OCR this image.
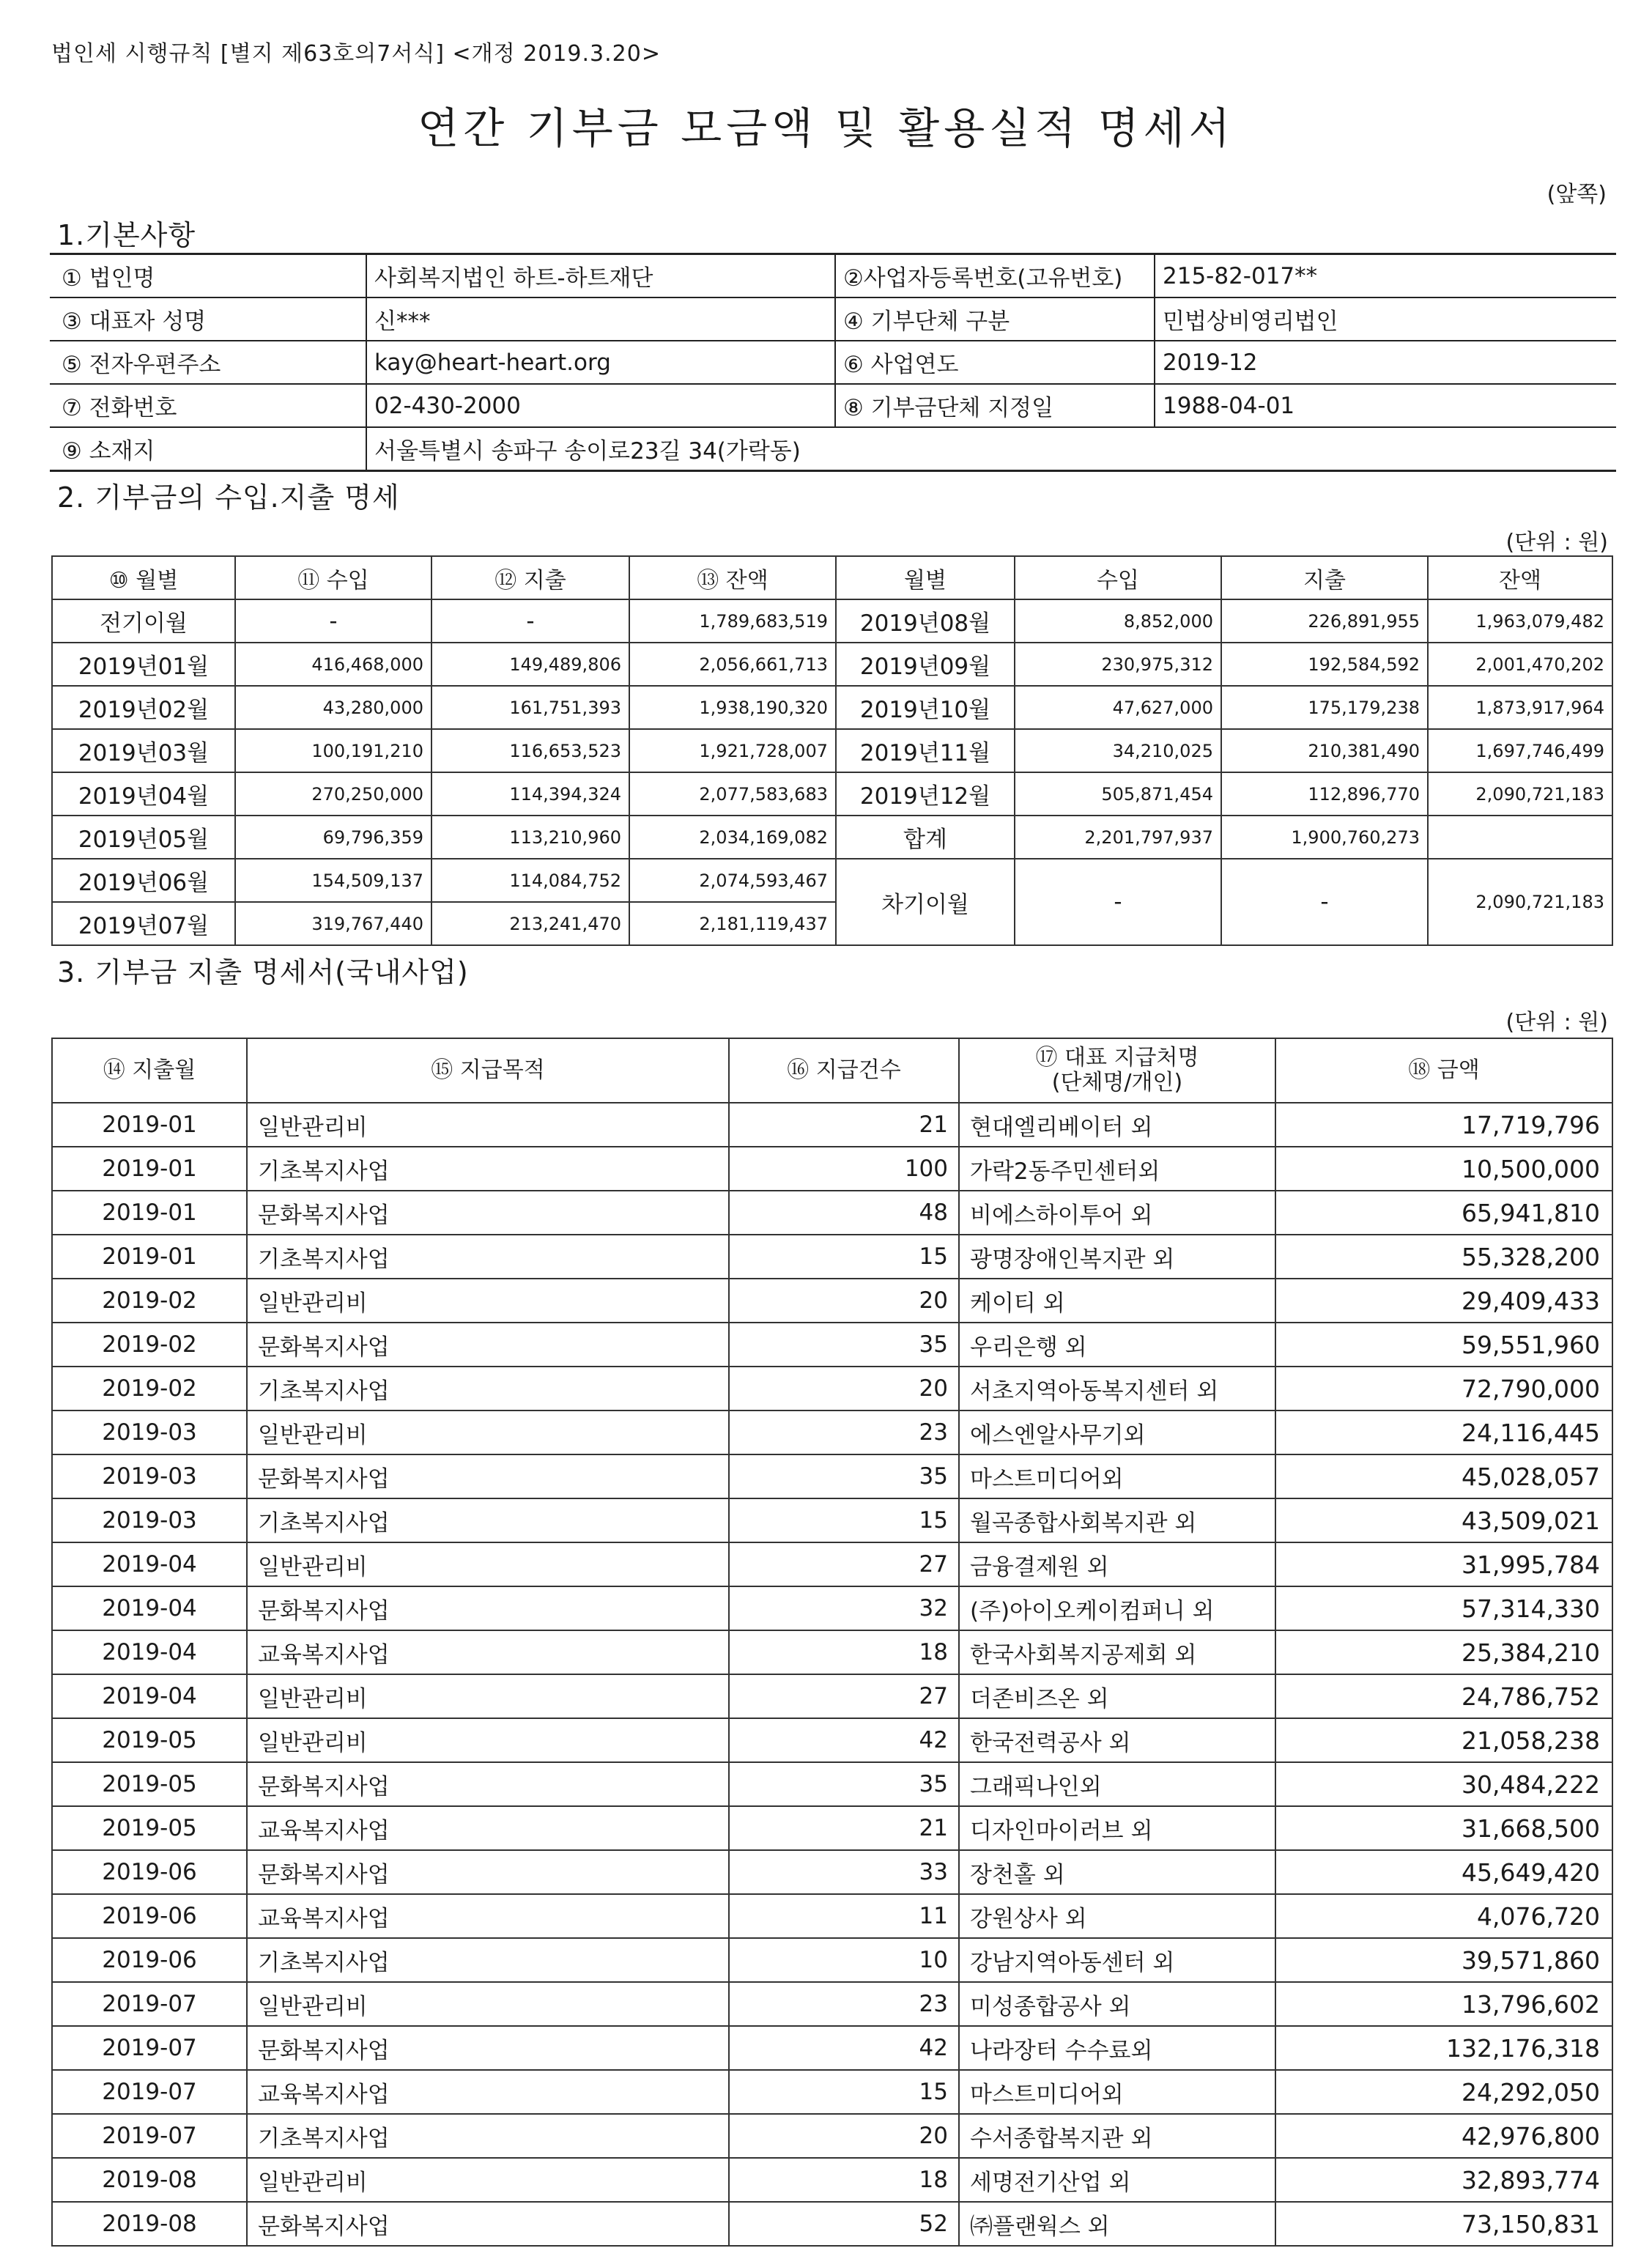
법인세 시행규칙 [별지 제63호의7서식] <개정 2019.3.20>
연간 기부금 모금액 및 활용실적 명세서
(앞쪽)
1.기본사항
① 법인명	사회복지법인 하트-하트재단	②사업자등록번호(고유번호)	215-82-017**
③ 대표자 성명	신***	④ 기부단체 구분	민법상비영리법인
⑤ 전자우편주소	kay@heart-heart.org	⑥ 사업연도	2019-12
⑦ 전화번호	02-430-2000	⑧ 기부금단체 지정일	1988-04-01
⑨ 소재지	서울특별시 송파구 송이로23길 34(가락동)		
2. 기부금의 수입.지출 명세
(단위 : 원)
⑩ 월별	⑪ 수입	⑫ 지출	⑬ 잔액	월별	수입	지출	잔액
전기이월	-	-	1,789,683,519	2019년08월	8,852,000	226,891,955	1,963,079,482
2019년01월	416,468,000	149,489,806	2,056,661,713	2019년09월	230,975,312	192,584,592	2,001,470,202
2019년02월	43,280,000	161,751,393	1,938,190,320	2019년10월	47,627,000	175,179,238	1,873,917,964
2019년03월	100,191,210	116,653,523	1,921,728,007	2019년11월	34,210,025	210,381,490	1,697,746,499
2019년04월	270,250,000	114,394,324	2,077,583,683	2019년12월	505,871,454	112,896,770	2,090,721,183
2019년05월	69,796,359	113,210,960	2,034,169,082	합계	2,201,797,937	1,900,760,273	
2019년06월	154,509,137	114,084,752	2,074,593,467	차기이월	-	-	2,090,721,183
2019년07월	319,767,440	213,241,470	2,181,119,437				
3. 기부금 지출 명세서(국내사업)
(단위 : 원)
⑭ 지출월	⑮ 지급목적	⑯ 지급건수	⑰ 대표 지급처명
(단체명/개인)	⑱ 금액
2019-01	일반관리비	21	현대엘리베이터 외	17,719,796
2019-01	기초복지사업	100	가락2동주민센터외	10,500,000
2019-01	문화복지사업	48	비에스하이투어 외	65,941,810
2019-01	기초복지사업	15	광명장애인복지관 외	55,328,200
2019-02	일반관리비	20	케이티 외	29,409,433
2019-02	문화복지사업	35	우리은행 외	59,551,960
2019-02	기초복지사업	20	서초지역아동복지센터 외	72,790,000
2019-03	일반관리비	23	에스엔알사무기외	24,116,445
2019-03	문화복지사업	35	마스트미디어외	45,028,057
2019-03	기초복지사업	15	월곡종합사회복지관 외	43,509,021
2019-04	일반관리비	27	금융결제원 외	31,995,784
2019-04	문화복지사업	32	(주)아이오케이컴퍼니 외	57,314,330
2019-04	교육복지사업	18	한국사회복지공제회 외	25,384,210
2019-04	일반관리비	27	더존비즈온 외	24,786,752
2019-05	일반관리비	42	한국전력공사 외	21,058,238
2019-05	문화복지사업	35	그래픽나인외	30,484,222
2019-05	교육복지사업	21	디자인마이러브 외	31,668,500
2019-06	문화복지사업	33	장천홀 외	45,649,420
2019-06	교육복지사업	11	강원상사 외	4,076,720
2019-06	기초복지사업	10	강남지역아동센터 외	39,571,860
2019-07	일반관리비	23	미성종합공사 외	13,796,602
2019-07	문화복지사업	42	나라장터 수수료외	132,176,318
2019-07	교육복지사업	15	마스트미디어외	24,292,050
2019-07	기초복지사업	20	수서종합복지관 외	42,976,800
2019-08	일반관리비	18	세명전기산업 외	32,893,774
2019-08	문화복지사업	52	㈜플랜웍스 외	73,150,831
